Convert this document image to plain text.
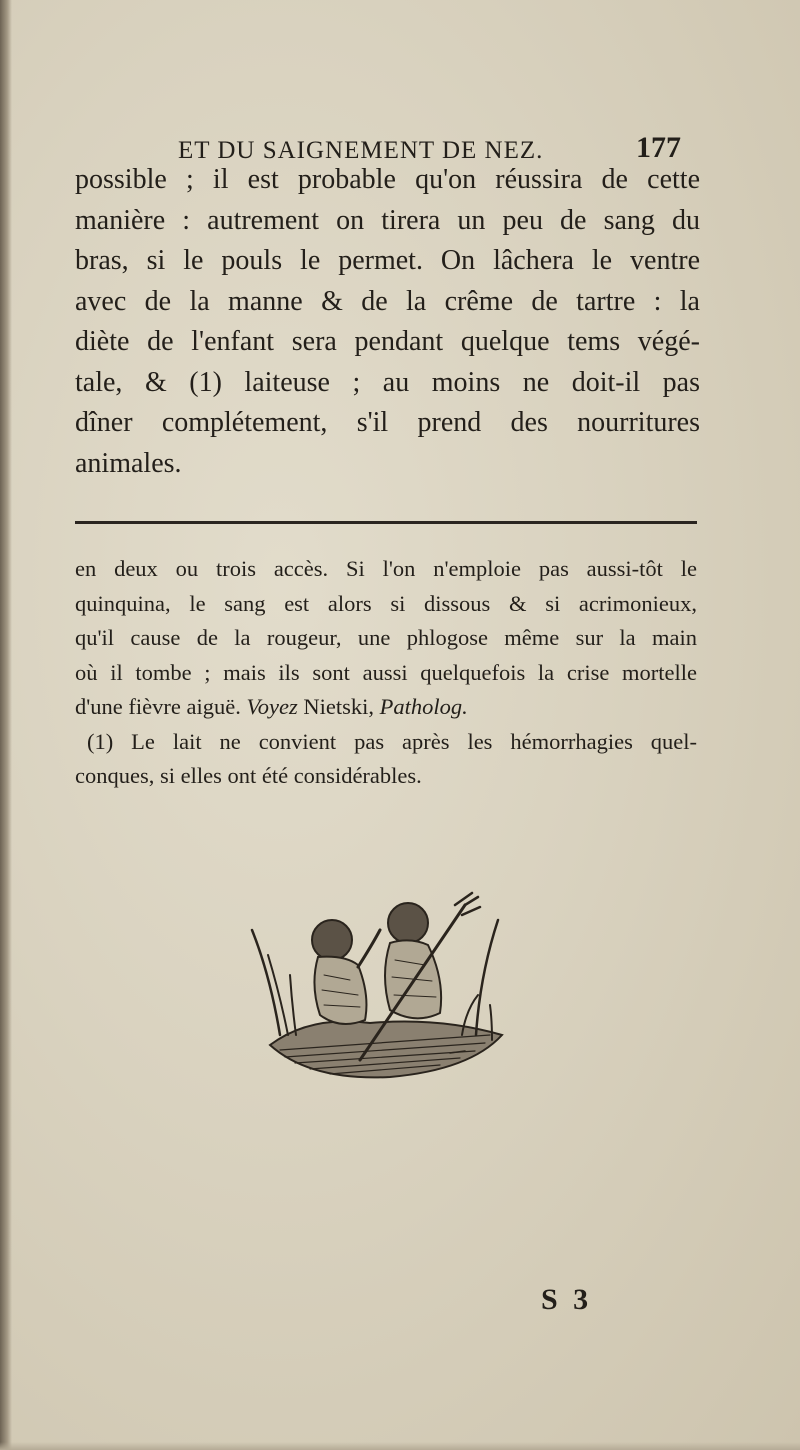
ET DU SAIGNEMENT DE NEZ.	177
possible ; il est probable qu'on réussira de cette
manière : autrement on tirera un peu de sang du
bras, si le pouls le permet. On lâchera le ventre
avec de la manne & de la crême de tartre : la
diète de l'enfant sera pendant quelque tems végé-
tale, & (1) laiteuse ; au moins ne doit-il pas
dîner complétement, s'il prend des nourritures
animales.
en deux ou trois accès. Si l'on n'emploie pas aussi-tôt le
quinquina, le sang est alors si dissous & si acrimonieux,
qu'il cause de la rougeur, une phlogose même sur la main
où il tombe ; mais ils sont aussi quelquefois la crise mortelle
d'une fièvre aiguë. Voyez Nietski, Patholog.
(1) Le lait ne convient pas après les hémorrhagies quel-
conques, si elles ont été considérables.
S 3
